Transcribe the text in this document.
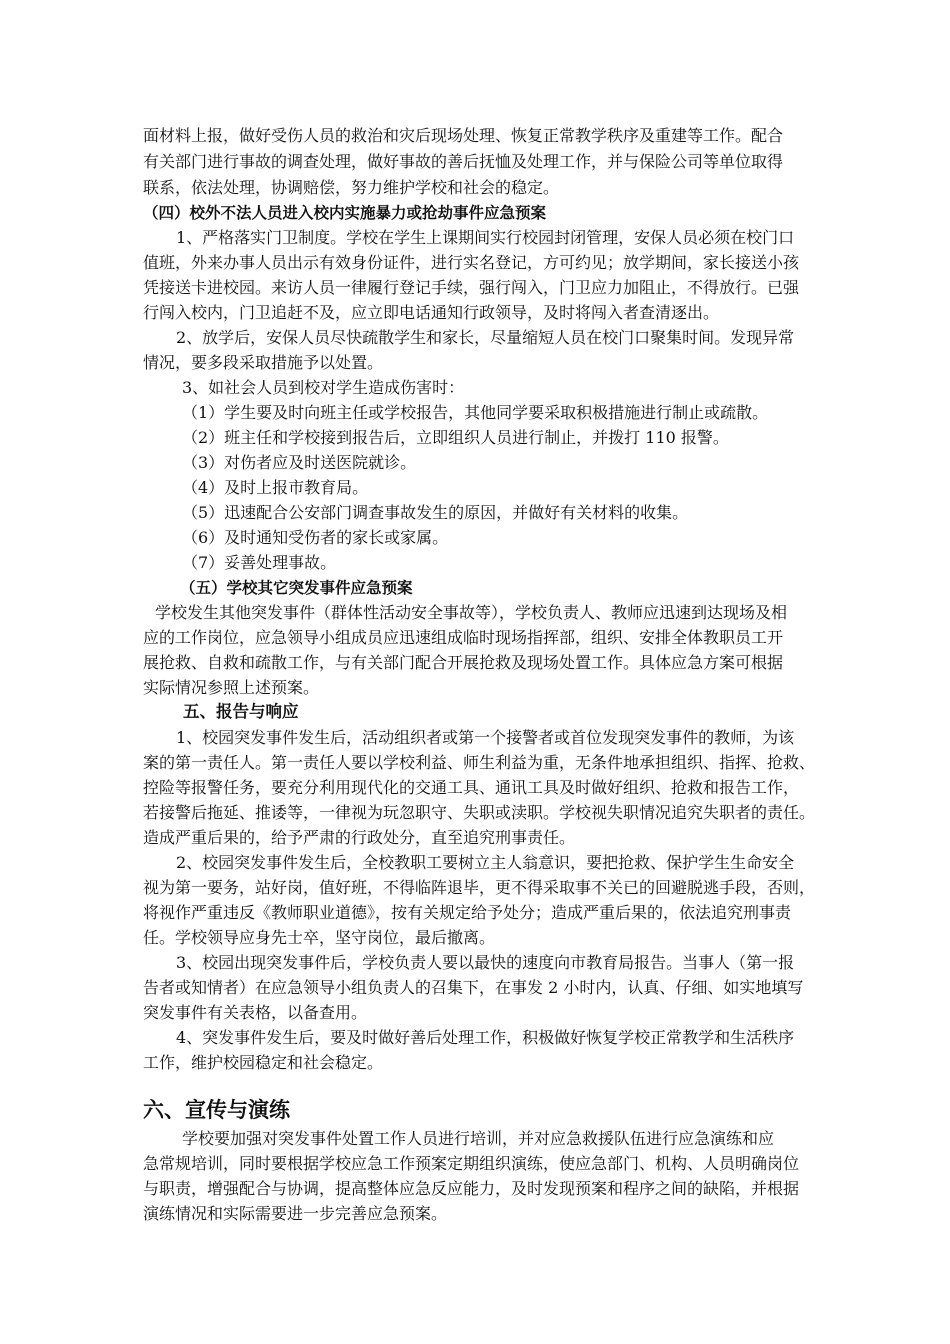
面材料上报，做好受伤人员的救治和灾后现场处理、恢复正常教学秩序及重建等工作。配合
有关部门进行事故的调查处理，做好事故的善后抚恤及处理工作，并与保险公司等单位取得
联系，依法处理，协调赔偿，努力维护学校和社会的稳定。
（四）校外不法人员进入校内实施暴力或抢劫事件应急预案
1、严格落实门卫制度。学校在学生上课期间实行校园封闭管理，安保人员必须在校门口
值班，外来办事人员出示有效身份证件，进行实名登记，方可约见；放学期间，家长接送小孩
凭接送卡进校园。来访人员一律履行登记手续，强行闯入，门卫应力加阻止，不得放行。已强
行闯入校内，门卫追赶不及，应立即电话通知行政领导，及时将闯入者查清逐出。
2、放学后，安保人员尽快疏散学生和家长，尽量缩短人员在校门口聚集时间。发现异常
情况，要多段采取措施予以处置。
3、如社会人员到校对学生造成伤害时：
（1）学生要及时向班主任或学校报告，其他同学要采取积极措施进行制止或疏散。
（2）班主任和学校接到报告后，立即组织人员进行制止，并拨打 110 报警。
（3）对伤者应及时送医院就诊。
（4）及时上报市教育局。
（5）迅速配合公安部门调查事故发生的原因，并做好有关材料的收集。
（6）及时通知受伤者的家长或家属。
（7）妥善处理事故。
（五）学校其它突发事件应急预案
学校发生其他突发事件（群体性活动安全事故等），学校负责人、教师应迅速到达现场及相
应的工作岗位，应急领导小组成员应迅速组成临时现场指挥部，组织、安排全体教职员工开
展抢救、自救和疏散工作，与有关部门配合开展抢救及现场处置工作。具体应急方案可根据
实际情况参照上述预案。
五、报告与响应
1、校园突发事件发生后，活动组织者或第一个接警者或首位发现突发事件的教师，为该
案的第一责任人。第一责任人要以学校利益、师生利益为重，无条件地承担组织、指挥、抢救、
控险等报警任务，要充分利用现代化的交通工具、通讯工具及时做好组织、抢救和报告工作，
若接警后拖延、推诿等，一律视为玩忽职守、失职或渎职。学校视失职情况追究失职者的责任。
造成严重后果的，给予严肃的行政处分，直至追究刑事责任。
2、校园突发事件发生后，全校教职工要树立主人翁意识，要把抢救、保护学生生命安全
视为第一要务，站好岗，值好班，不得临阵退毕，更不得采取事不关已的回避脱逃手段，否则，
将视作严重违反《教师职业道德》，按有关规定给予处分；造成严重后果的，依法追究刑事责
任。学校领导应身先士卒，坚守岗位，最后撤离。
3、校园出现突发事件后，学校负责人要以最快的速度向市教育局报告。当事人（第一报
告者或知情者）在应急领导小组负责人的召集下，在事发 2 小时内，认真、仔细、如实地填写
突发事件有关表格，以备查用。
4、突发事件发生后，要及时做好善后处理工作，积极做好恢复学校正常教学和生活秩序
工作，维护校园稳定和社会稳定。
六、宣传与演练
学校要加强对突发事件处置工作人员进行培训，并对应急救援队伍进行应急演练和应
急常规培训，同时要根据学校应急工作预案定期组织演练，使应急部门、机构、人员明确岗位
与职责，增强配合与协调，提高整体应急反应能力，及时发现预案和程序之间的缺陷，并根据
演练情况和实际需要进一步完善应急预案。
